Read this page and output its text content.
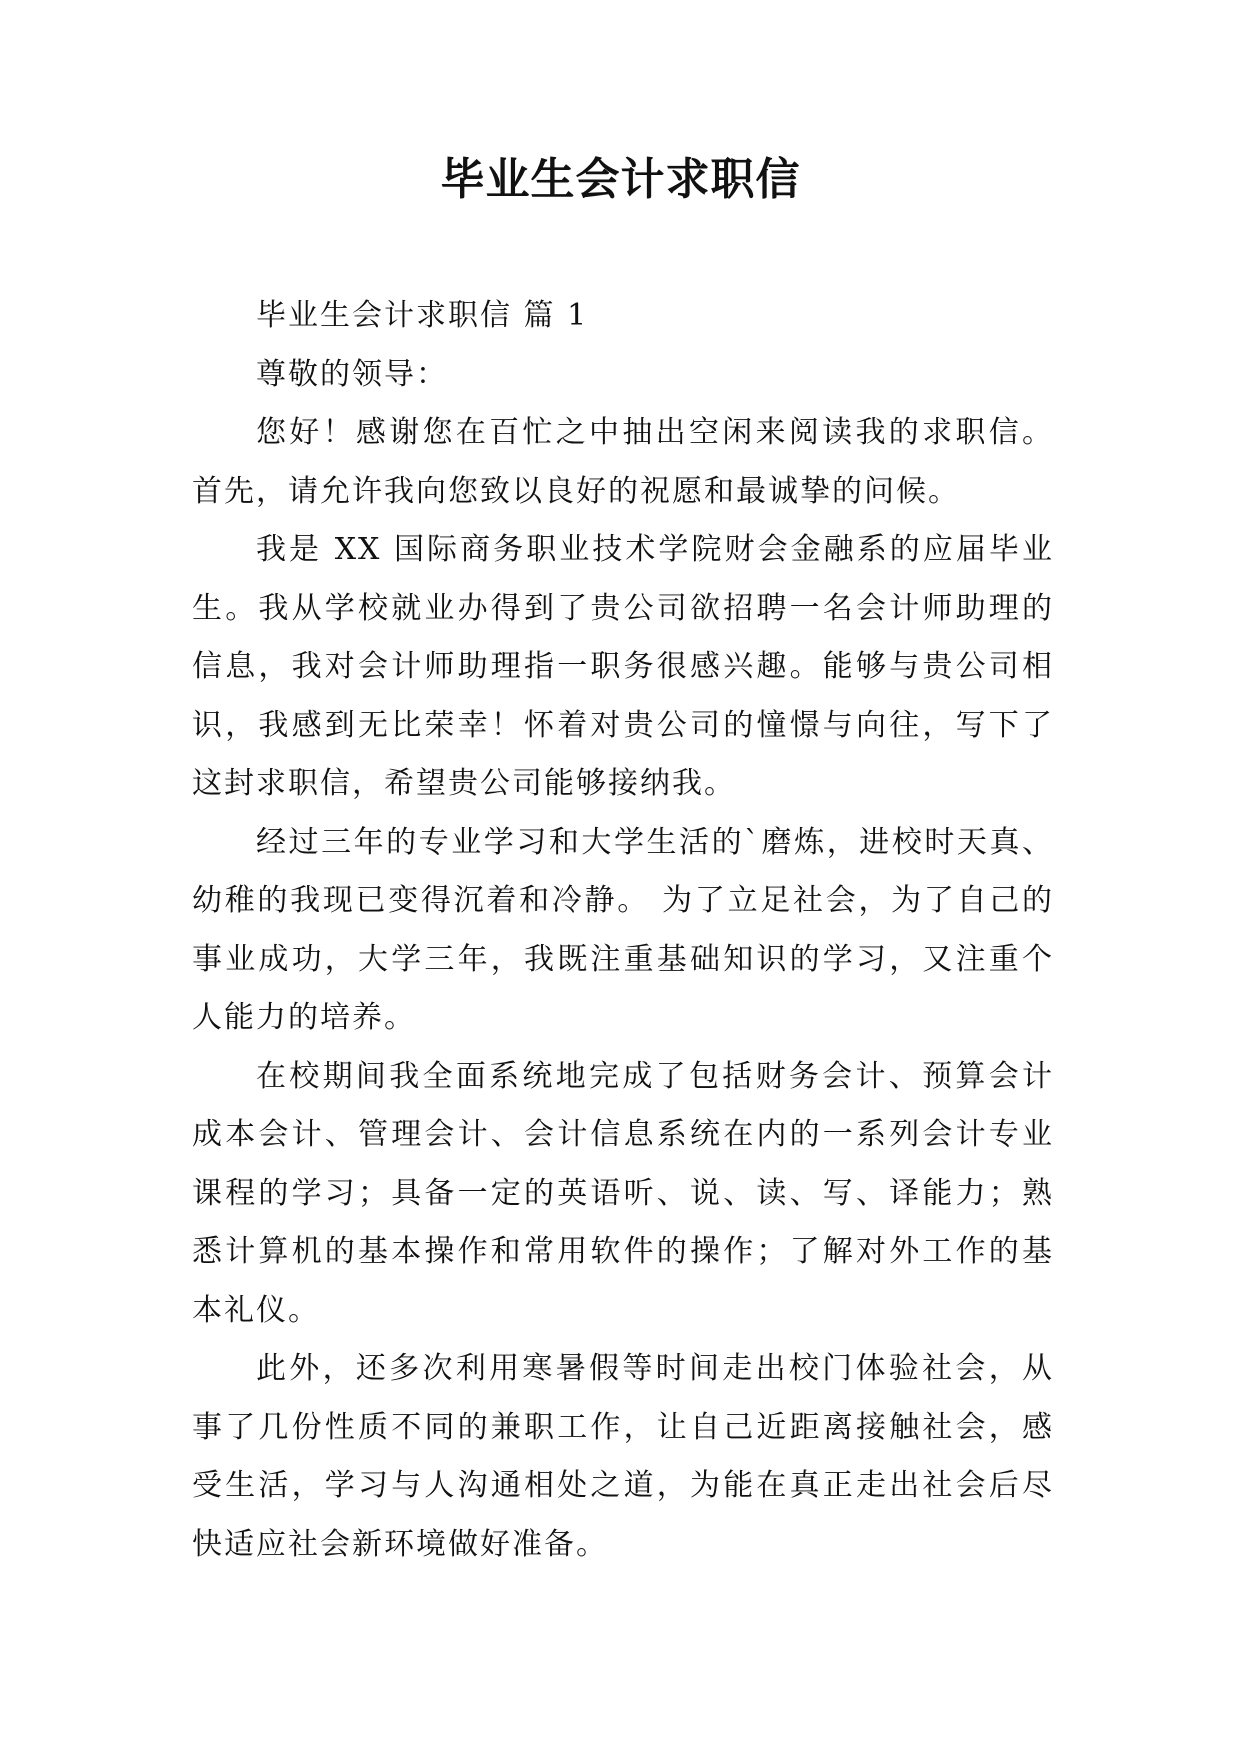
毕业生会计求职信

毕业生会计求职信 篇 1

尊敬的领导：

您好！感谢您在百忙之中抽出空闲来阅读我的求职信。首先，请允许我向您致以良好的祝愿和最诚挚的问候。

我是 XX 国际商务职业技术学院财会金融系的应届毕业生。我从学校就业办得到了贵公司欲招聘一名会计师助理的信息，我对会计师助理指一职务很感兴趣。能够与贵公司相识，我感到无比荣幸！怀着对贵公司的憧憬与向往，写下了这封求职信，希望贵公司能够接纳我。

经过三年的专业学习和大学生活的`磨炼，进校时天真、幼稚的我现已变得沉着和冷静。 为了立足社会，为了自己的事业成功，大学三年，我既注重基础知识的学习，又注重个人能力的培养。

在校期间我全面系统地完成了包括财务会计、预算会计成本会计、管理会计、会计信息系统在内的一系列会计专业课程的学习；具备一定的英语听、说、读、写、译能力；熟悉计算机的基本操作和常用软件的操作；了解对外工作的基本礼仪。

此外，还多次利用寒暑假等时间走出校门体验社会，从事了几份性质不同的兼职工作，让自己近距离接触社会，感受生活，学习与人沟通相处之道，为能在真正走出社会后尽快适应社会新环境做好准备。
